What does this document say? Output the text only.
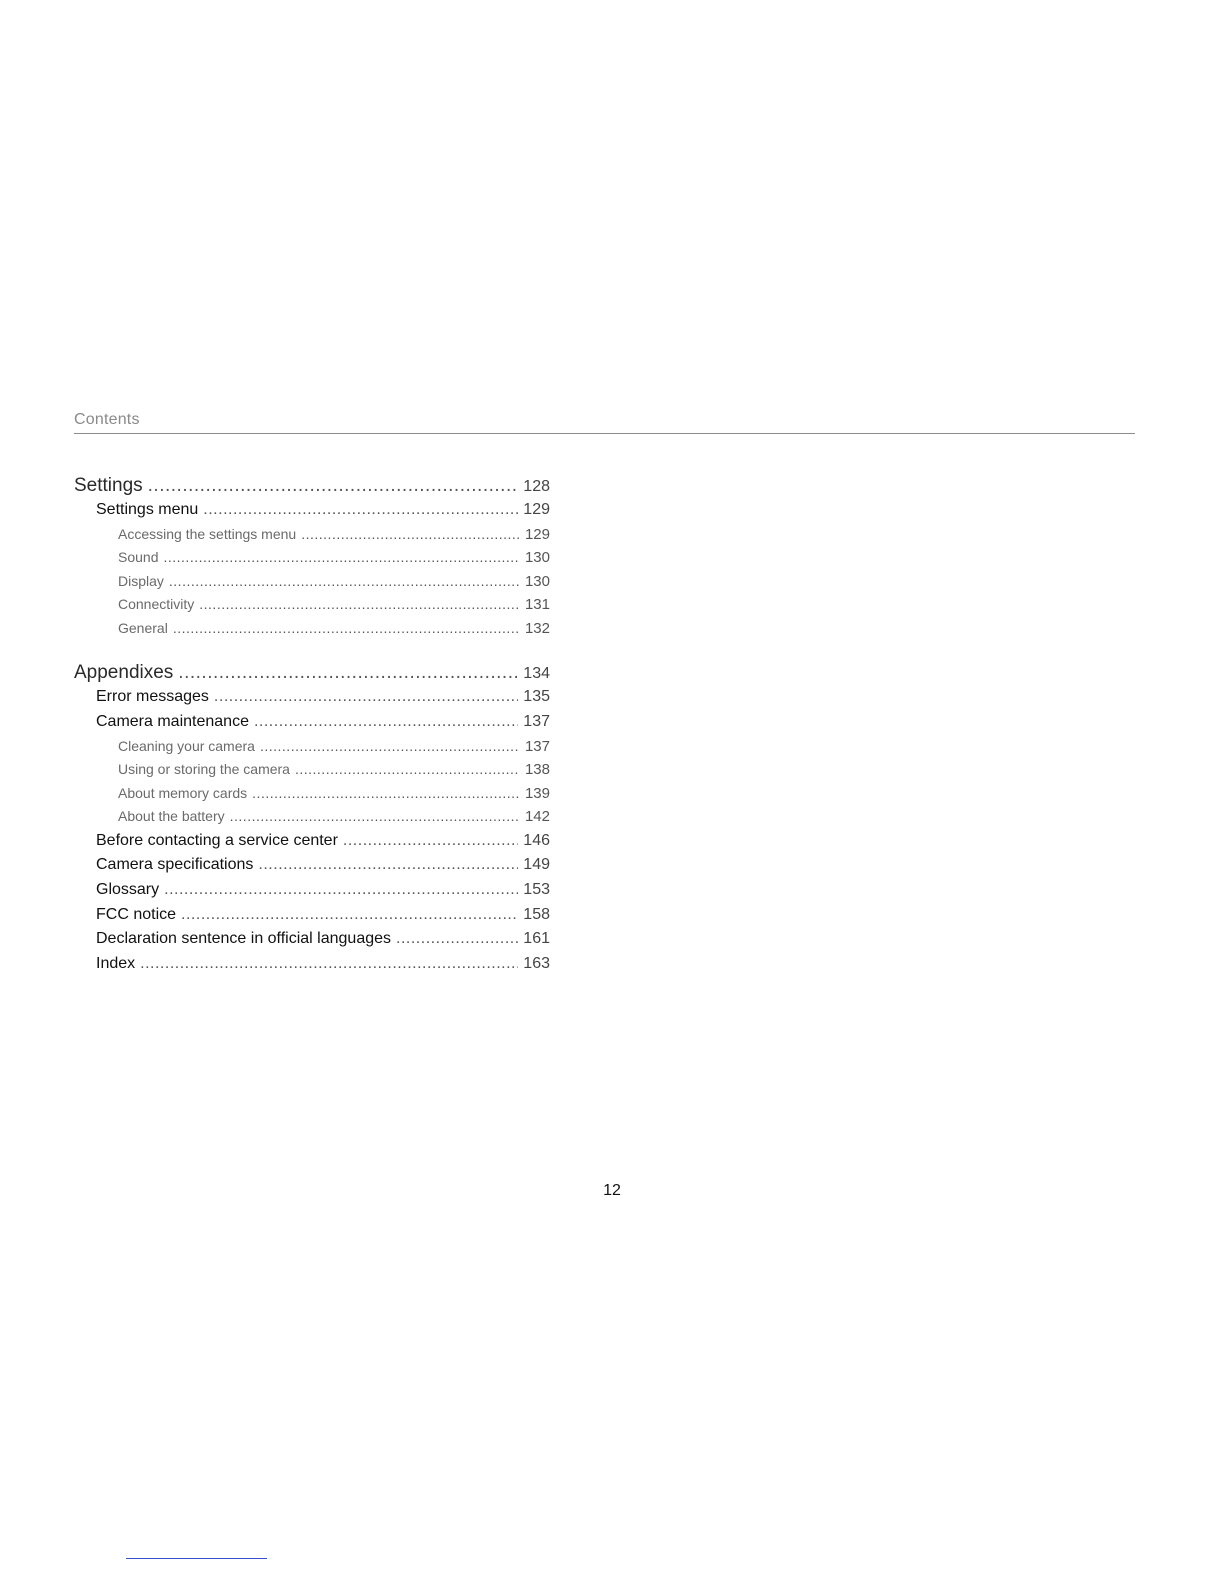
Contents
Settings .....	128
Settings menu .....	129
Accessing the settings menu .....	129
Sound .....	130
Display .....	130
Connectivity .....	131
General .....	132
Appendixes .....	134
Error messages .....	135
Camera maintenance .....	137
Cleaning your camera .....	137
Using or storing the camera .....	138
About memory cards .....	139
About the battery .....	142
Before contacting a service center .....	146
Camera specifications .....	149
Glossary .....	153
FCC notice .....	158
Declaration sentence in official languages .....	161
Index .....	163
12
